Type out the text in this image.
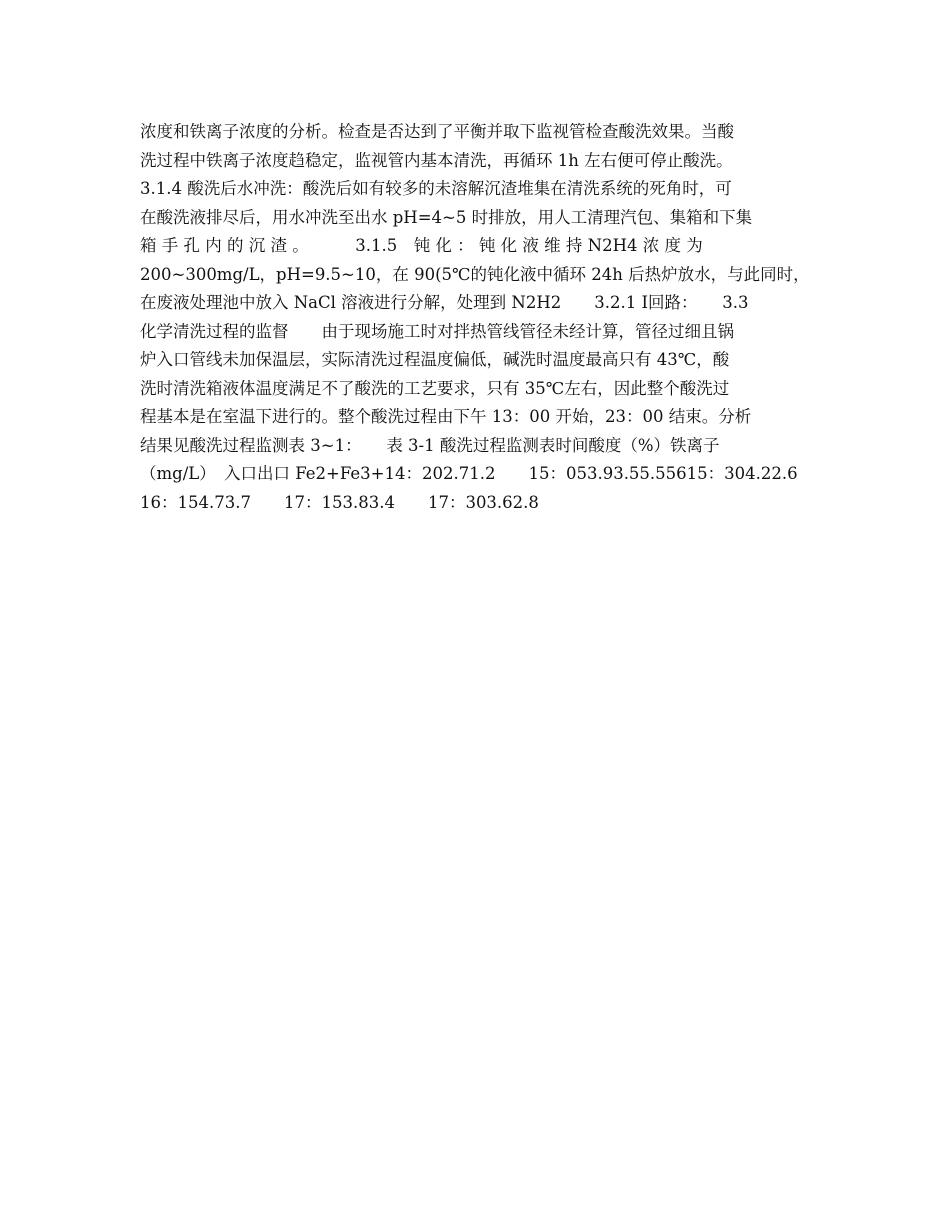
浓度和铁离子浓度的分析。检查是否达到了平衡并取下监视管检查酸洗效果。当酸
洗过程中铁离子浓度趋稳定，监视管内基本清洗，再循环 1h 左右便可停止酸洗。
3.1.4 酸洗后水冲洗：酸洗后如有较多的未溶解沉渣堆集在清洗系统的死角时，可
在酸洗液排尽后，用水冲洗至出水 pH=4~5 时排放，用人工清理汽包、集箱和下集
箱 手 孔 内 的 沉 渣 。　　　 3.1.5　钝 化 ： 钝 化 液 维 持 N2H4 浓 度 为
200~300mg/L，pH=9.5~10，在 90(5℃的钝化液中循环 24h 后热炉放水，与此同时，
在废液处理池中放入 NaCl 溶液进行分解，处理到 N2H2　　3.2.1 Ⅰ回路：　　3.3
化学清洗过程的监督　　由于现场施工时对拌热管线管径未经计算，管径过细且锅
炉入口管线未加保温层，实际清洗过程温度偏低，碱洗时温度最高只有 43℃，酸
洗时清洗箱液体温度满足不了酸洗的工艺要求，只有 35℃左右，因此整个酸洗过
程基本是在室温下进行的。整个酸洗过程由下午 13：00 开始，23：00 结束。分析
结果见酸洗过程监测表 3~1：　　表 3-1 酸洗过程监测表时间酸度（%）铁离子
（mg/L）　入口出口 Fe2+Fe3+14：202.71.2　　15：053.93.55.55615：304.22.6
16：154.73.7　　17：153.83.4　　17：303.62.8
